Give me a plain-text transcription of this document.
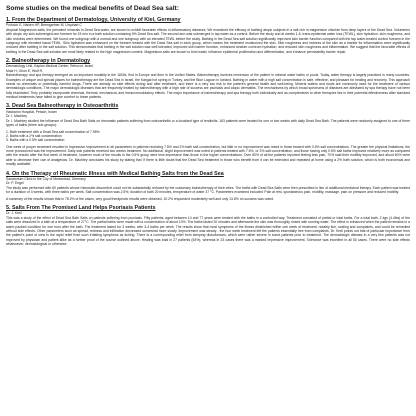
Some studies on the medical benefits of Dead Sea salt:
1. From the Department of Dermatology, University of Kiel, Germany
Proksch E, Nissen HP, Bremgartner M, Urquhart C

Atopical Magnesium salts, the prevalent minerals in Dead Sea water, are known to exhibit favorable effects in inflammatory diseases. We examined the efficacy of bathing atopic subjects in a salt rich in magnesium chloride from deep layers of the Dead Sea. Volunteers with atopic dry skin submerged one forearm for 15 min in a bath solution containing 5% Dead Sea salt. The second arm was submerged in tap water as a control. Before the study and at weeks 1-6, trans-epidermal water loss (TEWL), skin hydration, skin roughness, and skin redness were determined. We found one subgroup with a normal and one subgroup with an elevated TEWL before the study. Bathing in the Dead Sea salt solution significantly improved skin barrier function compared with the tap water-treated control forearm in the subgroup with elevated basal TEWL. Skin hydration was enhanced on the forearm treated with the Dead Sea salt in each group, which means the treatment moisturized the skin. Skin roughness and redness of the skin as a marker for inflammation were significantly reduced after bathing in the salt solution. This demonstrates that bathing in the salt solution was well tolerated, improved skin barrier function, enhanced stratum corneum hydration, and reduced skin roughness and inflammation. We suggest that the favorable effects of bathing in the Dead Sea salt solution are most likely related to the high magnesium content. Magnesium salts are known to bind water, influence epidermal proliferation and differentiation, and enhance permeability barrier repair.

2. Balneotherapy in Dermatology
Dermatology Unit, Kaplan Medical Center, Rehovot, Israel.
Matz H, Orion E, Wolf R.

Balneotherapy and spa therapy emerged as an important modality in the 1800s, first in Europe and then in the United States. Balneotherapy involves immersion of the patient in mineral water baths or pools. Today, water therapy is largely practiced in many countries. Examples of unique and special places for balneotherapy are the Dead Sea in Israel, the Kangal hot spring in Turkey, and the Blue Lagoon in Iceland. Bathing in water with a high salt concentration is safe, effective, and pleasant for healing and recovery. This approach needs no chemicals or potentially harmful drugs. There are already no side effects during and after treatment, and there is a very low risk to the patient's general health and well-being. Mineral waters and muds are commonly used for the treatment of various dermatologic conditions. The major dermatologic diseases that are frequently treated by balneotherapy with a high rate of success are psoriasis and atopic dermatitis. The mechanisms by which broad spectrums of diseases are alleviated by spa therapy have not been fully elucidated. They probably incorporate chemical, thermal, mechanical, and immunomodulatory effects. The major importance of balneotherapy and spa therapy both individually and as complements to other therapies lies in their potential effectiveness after standard medical treatments have failed to give comfort to these patients.

3. Dead Sea Balneotherapy in Osteoarthritis
Hasharon Hospital, Petach, Israel
Dr. I. Machtey

Dr. I. Machtey studied the influence of Dead Sea Bath Salts on rheumatic patients suffering from osteoarthritis or a localized type of tendinitis. 163 patients were treated for one or two weeks with daily Dead Sea Bath. The patients were randomly assigned to one of three types of baths (three sub-groups):

1. Bath treatment with a Dead Sea salt concentration of 7.55%
2. Baths with a 2% salt concentration
3. Baths with a 0.5% salt concentration

One week of proper treatment resulted in impressive improvement in all parameters in patients receiving 7.5% and 2% bath salt concentration, but little or no improvement was noted in those treated with 0.5% salt concentrations. The greater the physical limitations, the more pronounced was the improvement. Daily sick patients received two weeks treatment. No additional, slight improvement was noted in patients treated with 7.5%, or 2% salt concentration, and those having only 0.5% salt baths improved relatively more as compared with the results after the first week of treatment, however most of the results in the 0.5% group were less impressive than those in the higher concentrations. Over 80% of all the patients reported feeling less pain, 70% said their mobility improved, and about 60% were able to decrease their use of analgesics. Dr. Machtey concludes his study by stating that 'if there is little doubt that the Dead Sea treatment in those who benefit from it can be extended and repeated at home using a 2% bath solution, which is both economical and readily available'.

4. On the Therapy of Rheumatic Illness with Medical Bathing Salts from the Dead Sea
Sanatorium Clinic in the City of Meisenbad, Germany
Dr. P. Engel

The study was performed with 60 patients whose rheumatic discomfort could not be substantially reduced by the customary balneotherapy of their cities. The baths with Dead Sea Salts were then prescribed in lieu of additional medicinal therapy. Each patient was treated for a duration of 4 weeks, with three baths per week. Salt concentration was 2.5%; duration of bath 20 minutes, temperature of water 37 °C. Parameters examined included: Pain at rest, spontaneous pain, mobility, massage, pain on pressure and reduced mobility.

A summary of the results shows that in 78.2% of the cases, very good therapeutic results were obtained, 10.2% responded moderately well and only 13.8% no success was noted.

5. Salts From The Promised Land Helps Psoriasis Patients
Dr. J. Kreil

This was a study of the effect of Dead Sea Bath Salts on patients suffering from psoriasis. Fifty patients, aged between 14 and 77 years were treated with the baths in a controlled way. Treatment consisted of partial or total baths. For a total bath, 2 kgs (4.4lbs) of the salts were dissolved in a bath at a temperature of 27°C. The partial baths were made with a concentration of about 10%. The baths lasted 20 minutes and afterwards the skin was thoroughly rinsed with running water. The effect is enhanced when the patient remains in a warm packed condition for one hour after the bath. The treatment lasted for 3 weeks, with 3-4 baths per week. The results show that most symptoms of the illness diminished within one week of treatment, notably itch, scaling and complaints, and could be remedied without side effects. Other parameters such as spread, redness and infiltration decreased somewhat more slowly. Improvement was steady - the four week treatment left the patients essentially free from complaints. Dr. Kreil points out that of particular importance from the patient's point of view is the rapid relief from such irritating symptoms as itching. There is a corresponding relief from sleeping disturbances, which were rather severe in some patients prior to treatment. The dermatologic disease in a very few patients was not improved by physician and patient alike as a further proof of the course outlined above. Healing was total in 27 patients (54%), whereas in 23 cases there was a marked impressive improvement. Tolerance was excellent in all 50 cases. There were no side effects whatsoever, dermatological or otherwise.
